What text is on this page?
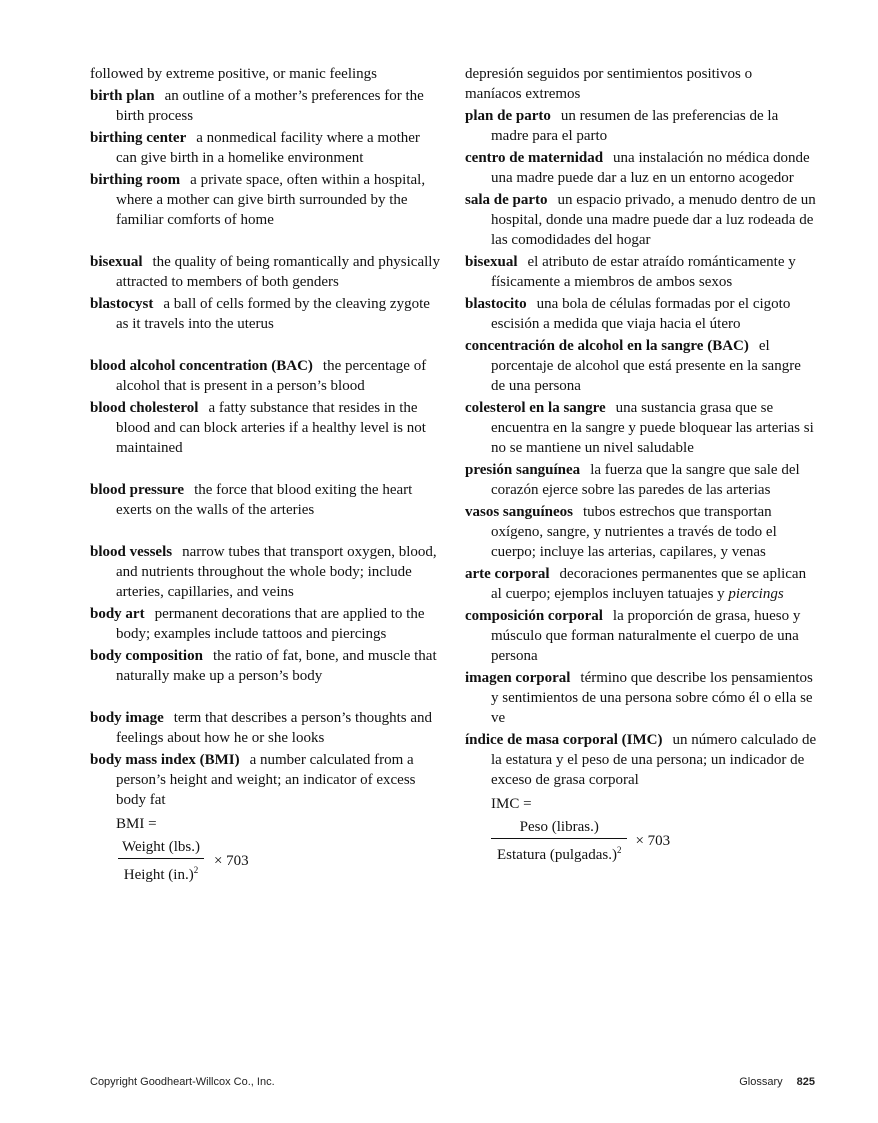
followed by extreme positive, or manic feelings

birth plan an outline of a mother’s preferences for the birth process

birthing center a nonmedical facility where a mother can give birth in a homelike environment

birthing room a private space, often within a hospital, where a mother can give birth surrounded by the familiar comforts of home

bisexual the quality of being romantically and physically attracted to members of both genders

blastocyst a ball of cells formed by the cleaving zygote as it travels into the uterus

blood alcohol concentration (BAC) the percentage of alcohol that is present in a person’s blood

blood cholesterol a fatty substance that resides in the blood and can block arteries if a healthy level is not maintained

blood pressure the force that blood exiting the heart exerts on the walls of the arteries

blood vessels narrow tubes that transport oxygen, blood, and nutrients throughout the whole body; include arteries, capillaries, and veins

body art permanent decorations that are applied to the body; examples include tattoos and piercings

body composition the ratio of fat, bone, and muscle that naturally make up a person’s body

body image term that describes a person’s thoughts and feelings about how he or she looks

body mass index (BMI) a number calculated from a person’s height and weight; an indicator of excess body fat

BMI =
$\frac{\text{Weight (lbs.)}}{Height (in.)^2} \times 703$

depresión seguidos por sentimientos positivos o maníacos extremos

plan de parto un resumen de las preferencias de la madre para el parto

centro de maternidad una instalación no médica donde una madre puede dar a luz en un entorno acogedor

sala de parto un espacio privado, a menudo dentro de un hospital, donde una madre puede dar a luz rodeada de las comodidades del hogar

bisexual el atributo de estar atraído románticamente y físicamente a miembros de ambos sexos

blastocito una bola de células formadas por el cigoto escisión a medida que viaja hacia el útero

concentración de alcohol en la sangre (BAC) el porcentaje de alcohol que está presente en la sangre de una persona

colesterol en la sangre una sustancia grasa que se encuentra en la sangre y puede bloquear las arterias si no se mantiene un nivel saludable

presión sanguínea la fuerza que la sangre que sale del corazón ejerce sobre las paredes de las arterias

vasos sanguíneos tubos estrechos que transportan oxígeno, sangre, y nutrientes a través de todo el cuerpo; incluye las arterias, capilares, y venas

arte corporal decoraciones permanentes que se aplican al cuerpo; ejemplos incluyen tatuajes y piercings

composición corporal la proporción de grasa, hueso y músculo que forman naturalmente el cuerpo de una persona

imagen corporal término que describe los pensamientos y sentimientos de una persona sobre cómo él o ella se ve

índice de masa corporal (IMC) un número calculado de la estatura y el peso de una persona; un indicador de exceso de grasa corporal

IMC =
$\frac{\text{Peso (libras.)}}{Estatura (pulgadas.)^2} \times 703$
Copyright Goodheart-Willcox Co., Inc.	Glossary 825
